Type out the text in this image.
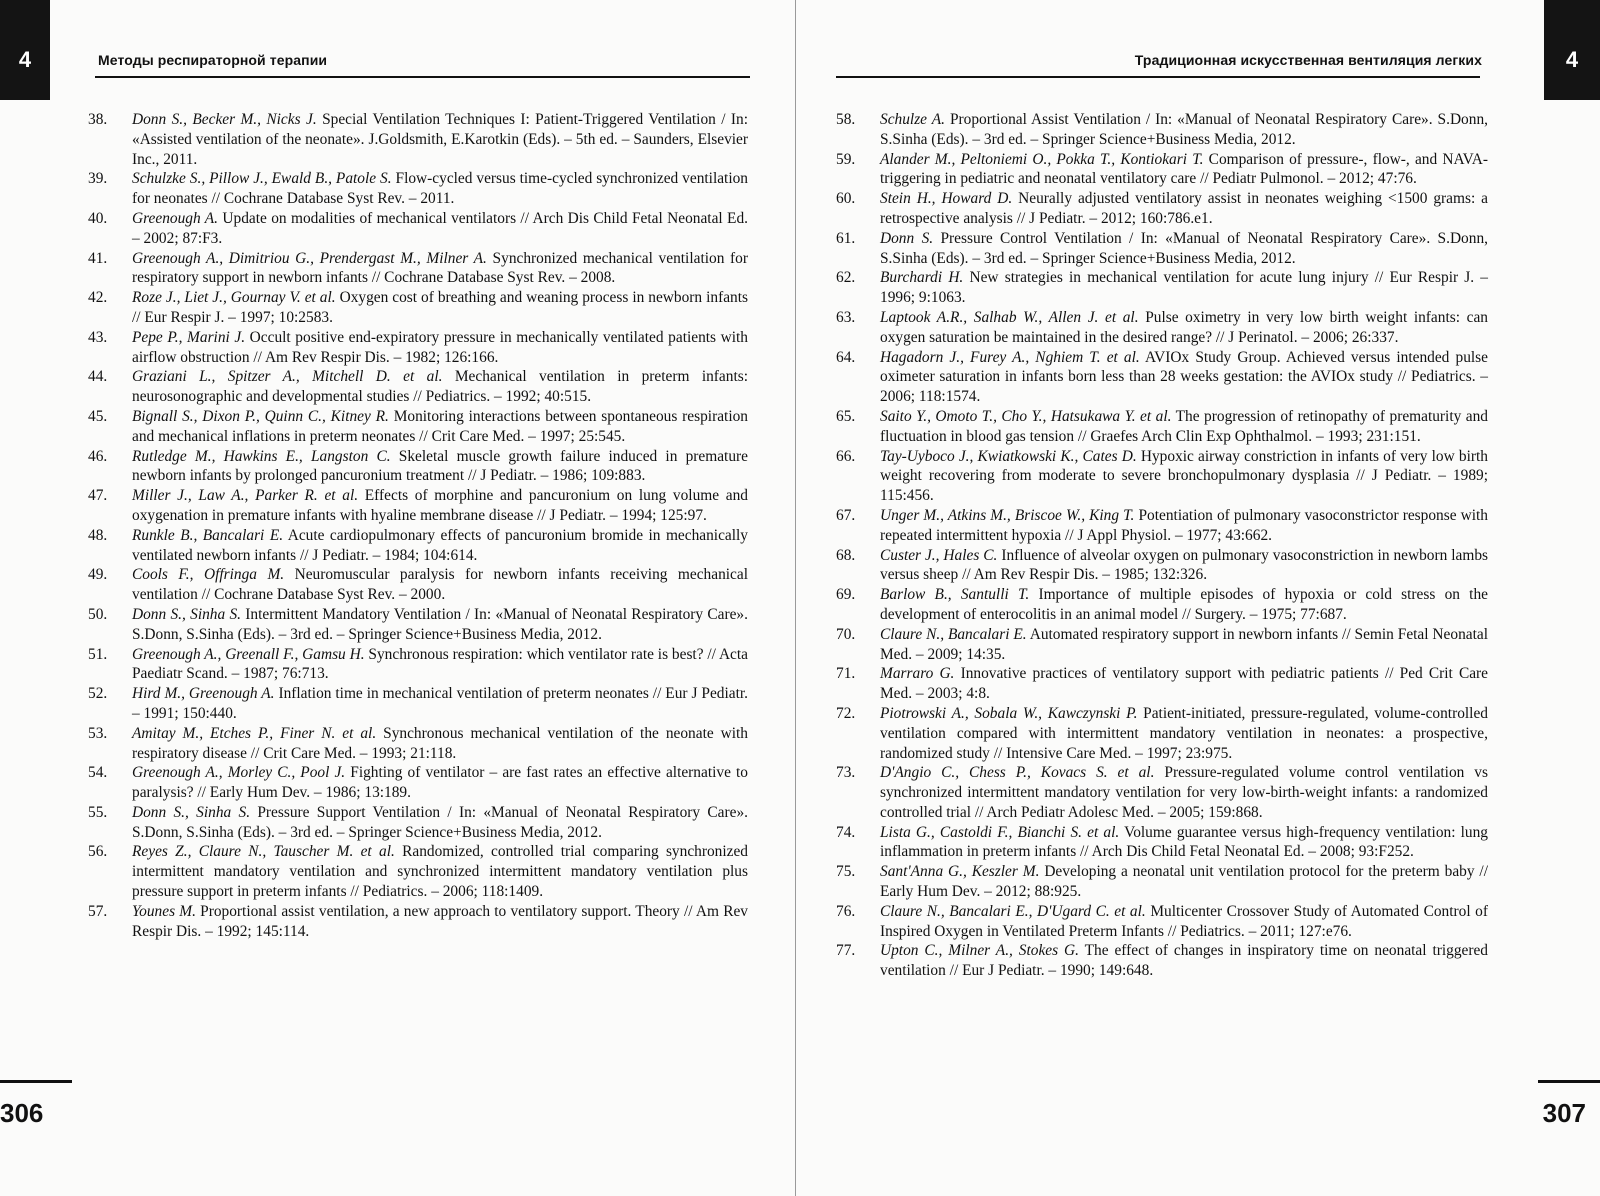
4	Методы респираторной терапии
38.	Donn S., Becker M., Nicks J. Special Ventilation Techniques I: Patient-Triggered Ventilation / In: «Assisted ventilation of the neonate». J.Goldsmith, E.Karotkin (Eds). – 5th ed. – Saunders, Elsevier Inc., 2011.
39.	Schulzke S., Pillow J., Ewald B., Patole S. Flow-cycled versus time-cycled synchronized ventilation for neonates // Cochrane Database Syst Rev. – 2011.
40.	Greenough A. Update on modalities of mechanical ventilators // Arch Dis Child Fetal Neonatal Ed. – 2002; 87:F3.
41.	Greenough A., Dimitriou G., Prendergast M., Milner A. Synchronized mechanical ventilation for respiratory support in newborn infants // Cochrane Database Syst Rev. – 2008.
42.	Roze J., Liet J., Gournay V. et al. Oxygen cost of breathing and weaning process in newborn infants // Eur Respir J. – 1997; 10:2583.
43.	Pepe P., Marini J. Occult positive end-expiratory pressure in mechanically ventilated patients with airflow obstruction // Am Rev Respir Dis. – 1982; 126:166.
44.	Graziani L., Spitzer A., Mitchell D. et al. Mechanical ventilation in preterm infants: neurosonographic and developmental studies // Pediatrics. – 1992; 40:515.
45.	Bignall S., Dixon P., Quinn C., Kitney R. Monitoring interactions between spontaneous respiration and mechanical inflations in preterm neonates // Crit Care Med. – 1997; 25:545.
46.	Rutledge M., Hawkins E., Langston C. Skeletal muscle growth failure induced in premature newborn infants by prolonged pancuronium treatment // J Pediatr. – 1986; 109:883.
47.	Miller J., Law A., Parker R. et al. Effects of morphine and pancuronium on lung volume and oxygenation in premature infants with hyaline membrane disease // J Pediatr. – 1994; 125:97.
48.	Runkle B., Bancalari E. Acute cardiopulmonary effects of pancuronium bromide in mechanically ventilated newborn infants // J Pediatr. – 1984; 104:614.
49.	Cools F., Offringa M. Neuromuscular paralysis for newborn infants receiving mechanical ventilation // Cochrane Database Syst Rev. – 2000.
50.	Donn S., Sinha S. Intermittent Mandatory Ventilation / In: «Manual of Neonatal Respiratory Care». S.Donn, S.Sinha (Eds). – 3rd ed. – Springer Science+Business Media, 2012.
51.	Greenough A., Greenall F., Gamsu H. Synchronous respiration: which ventilator rate is best? // Acta Paediatr Scand. – 1987; 76:713.
52.	Hird M., Greenough A. Inflation time in mechanical ventilation of preterm neonates // Eur J Pediatr. – 1991; 150:440.
53.	Amitay M., Etches P., Finer N. et al. Synchronous mechanical ventilation of the neonate with respiratory disease // Crit Care Med. – 1993; 21:118.
54.	Greenough A., Morley C., Pool J. Fighting of ventilator – are fast rates an effective alternative to paralysis? // Early Hum Dev. – 1986; 13:189.
55.	Donn S., Sinha S. Pressure Support Ventilation / In: «Manual of Neonatal Respiratory Care». S.Donn, S.Sinha (Eds). – 3rd ed. – Springer Science+Business Media, 2012.
56.	Reyes Z., Claure N., Tauscher M. et al. Randomized, controlled trial comparing synchronized intermittent mandatory ventilation and synchronized intermittent mandatory ventilation plus pressure support in preterm infants // Pediatrics. – 2006; 118:1409.
57.	Younes M. Proportional assist ventilation, a new approach to ventilatory support. Theory // Am Rev Respir Dis. – 1992; 145:114.
306
4
Традиционная искусственная вентиляция легких
58.	Schulze A. Proportional Assist Ventilation / In: «Manual of Neonatal Respiratory Care». S.Donn, S.Sinha (Eds). – 3rd ed. – Springer Science+Business Media, 2012.
59.	Alander M., Peltoniemi O., Pokka T., Kontiokari T. Comparison of pressure-, flow-, and NAVA-triggering in pediatric and neonatal ventilatory care // Pediatr Pulmonol. – 2012; 47:76.
60.	Stein H., Howard D. Neurally adjusted ventilatory assist in neonates weighing <1500 grams: a retrospective analysis // J Pediatr. – 2012; 160:786.e1.
61.	Donn S. Pressure Control Ventilation / In: «Manual of Neonatal Respiratory Care». S.Donn, S.Sinha (Eds). – 3rd ed. – Springer Science+Business Media, 2012.
62.	Burchardi H. New strategies in mechanical ventilation for acute lung injury // Eur Respir J. – 1996; 9:1063.
63.	Laptook A.R., Salhab W., Allen J. et al. Pulse oximetry in very low birth weight infants: can oxygen saturation be maintained in the desired range? // J Perinatol. – 2006; 26:337.
64.	Hagadorn J., Furey A., Nghiem T. et al. AVIOx Study Group. Achieved versus intended pulse oximeter saturation in infants born less than 28 weeks gestation: the AVIOx study // Pediatrics. – 2006; 118:1574.
65.	Saito Y., Omoto T., Cho Y., Hatsukawa Y. et al. The progression of retinopathy of prematurity and fluctuation in blood gas tension // Graefes Arch Clin Exp Ophthalmol. – 1993; 231:151.
66.	Tay-Uyboco J., Kwiatkowski K., Cates D. Hypoxic airway constriction in infants of very low birth weight recovering from moderate to severe bronchopulmonary dysplasia // J Pediatr. – 1989; 115:456.
67.	Unger M., Atkins M., Briscoe W., King T. Potentiation of pulmonary vasoconstrictor response with repeated intermittent hypoxia // J Appl Physiol. – 1977; 43:662.
68.	Custer J., Hales C. Influence of alveolar oxygen on pulmonary vasoconstriction in newborn lambs versus sheep // Am Rev Respir Dis. – 1985; 132:326.
69.	Barlow B., Santulli T. Importance of multiple episodes of hypoxia or cold stress on the development of enterocolitis in an animal model // Surgery. – 1975; 77:687.
70.	Claure N., Bancalari E. Automated respiratory support in newborn infants // Semin Fetal Neonatal Med. – 2009; 14:35.
71.	Marraro G. Innovative practices of ventilatory support with pediatric patients // Ped Crit Care Med. – 2003; 4:8.
72.	Piotrowski A., Sobala W., Kawczynski P. Patient-initiated, pressure-regulated, volume-controlled ventilation compared with intermittent mandatory ventilation in neonates: a prospective, randomized study // Intensive Care Med. – 1997; 23:975.
73.	D'Angio C., Chess P., Kovacs S. et al. Pressure-regulated volume control ventilation vs synchronized intermittent mandatory ventilation for very low-birth-weight infants: a randomized controlled trial // Arch Pediatr Adolesc Med. – 2005; 159:868.
74.	Lista G., Castoldi F., Bianchi S. et al. Volume guarantee versus high-frequency ventilation: lung inflammation in preterm infants // Arch Dis Child Fetal Neonatal Ed. – 2008; 93:F252.
75.	Sant'Anna G., Keszler M. Developing a neonatal unit ventilation protocol for the preterm baby // Early Hum Dev. – 2012; 88:925.
76.	Claure N., Bancalari E., D'Ugard C. et al. Multicenter Crossover Study of Automated Control of Inspired Oxygen in Ventilated Preterm Infants // Pediatrics. – 2011; 127:e76.
77.	Upton C., Milner A., Stokes G. The effect of changes in inspiratory time on neonatal triggered ventilation // Eur J Pediatr. – 1990; 149:648.
307
